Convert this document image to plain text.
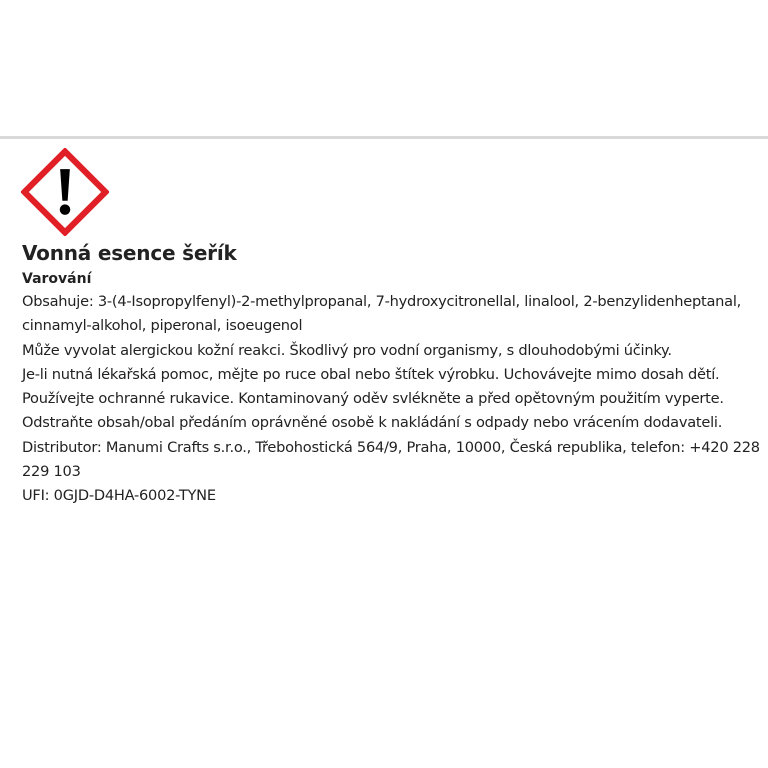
Vonná esence šeřík
Varování

Obsahuje: 3-(4-Isopropylfenyl)-2-methylpropanal, 7-hydroxycitronellal, linalool, 2-benzylidenheptanal, cinnamyl-alkohol, piperonal, isoeugenol

Může vyvolat alergickou kožní reakci. Škodlivý pro vodní organismy, s dlouhodobými účinky.

Je-li nutná lékařská pomoc, mějte po ruce obal nebo štítek výrobku. Uchovávejte mimo dosah dětí. Používejte ochranné rukavice. Kontaminovaný oděv svlékněte a před opětovným použitím vyperte. Odstraňte obsah/obal předáním oprávněné osobě k nakládání s odpady nebo vrácením dodavateli.

Distributor: Manumi Crafts s.r.o., Třebohostická 564/9, Praha, 10000, Česká republika, telefon: +420 228 229 103

UFI: 0GJD-D4HA-6002-TYNE
